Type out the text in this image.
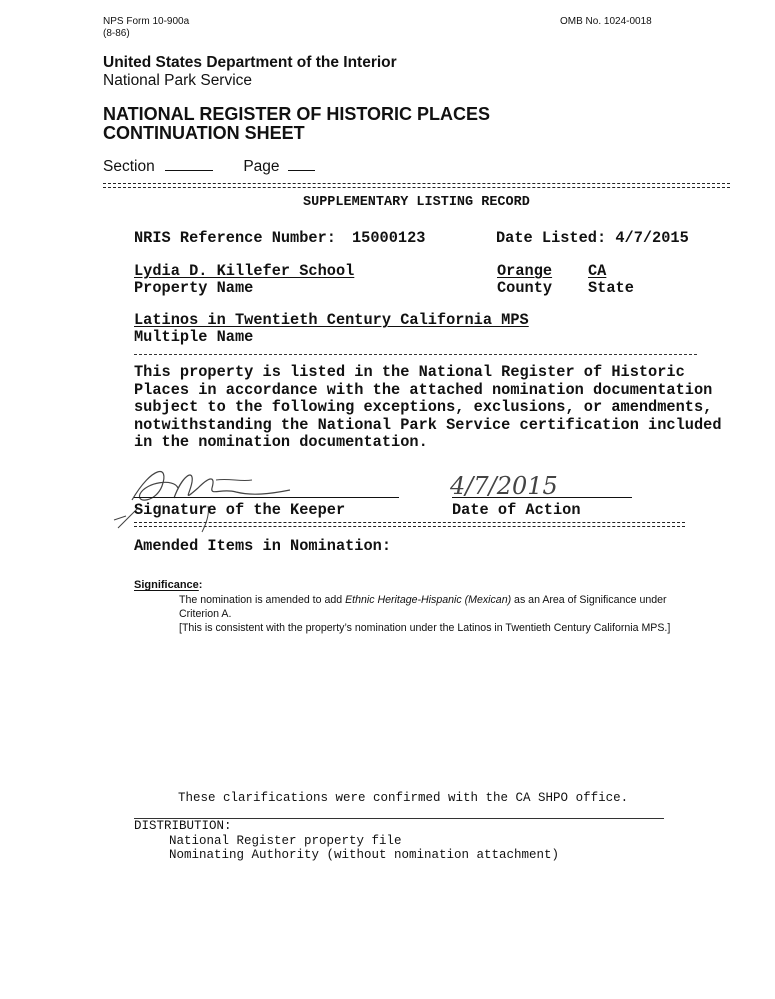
NPS Form 10-900a
(8-86)
OMB No. 1024-0018
United States Department of the Interior
National Park Service
NATIONAL REGISTER OF HISTORIC PLACES
CONTINUATION SHEET
Section	Page
SUPPLEMENTARY LISTING RECORD
NRIS Reference Number: 15000123	Date Listed: 4/7/2015
Lydia D. Killefer School
Property Name
Orange
County
CA
State
Latinos in Twentieth Century California MPS
Multiple Name
This property is listed in the National Register of Historic
Places in accordance with the attached nomination documentation
subject to the following exceptions, exclusions, or amendments,
notwithstanding the National Park Service certification included
in the nomination documentation.
Signature of the Keeper
4/7/2015
Date of Action
Amended Items in Nomination:
Significance:
The nomination is amended to add Ethnic Heritage-Hispanic (Mexican) as an Area of Significance under
Criterion A.
[This is consistent with the property’s nomination under the Latinos in Twentieth Century California MPS.]
These clarifications were confirmed with the CA SHPO office.
DISTRIBUTION:
National Register property file
Nominating Authority (without nomination attachment)
